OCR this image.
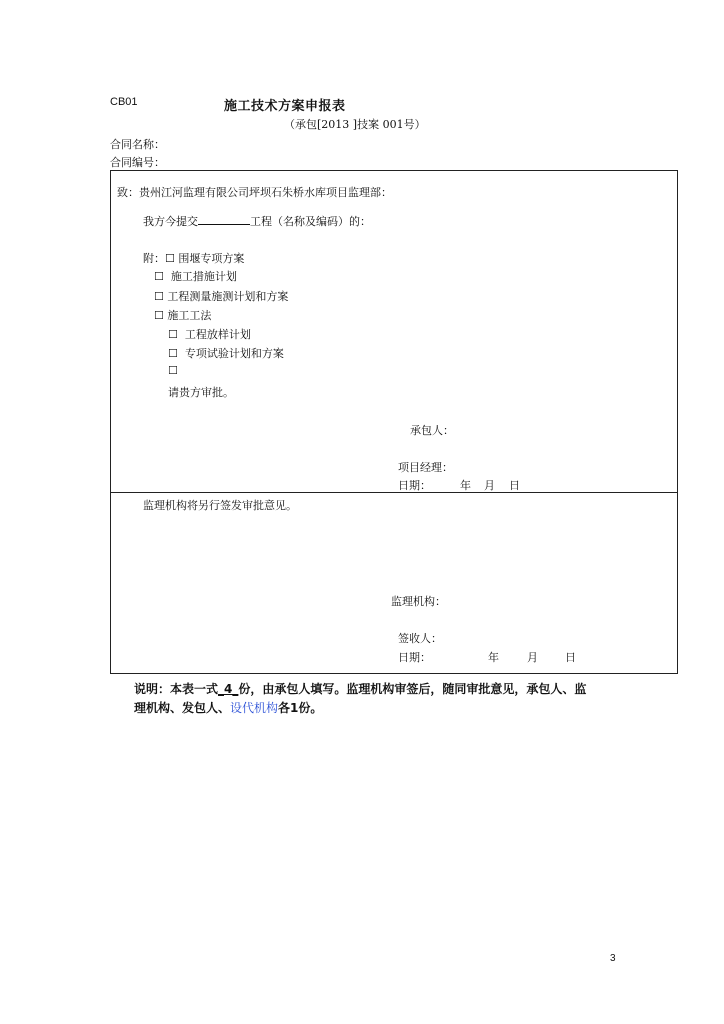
CB01	施工技术方案申报表
（承包[2013 ]技案 001号）
合同名称：
合同编号：
致：贵州江河监理有限公司坪坝石朱桥水库项目监理部：
我方今提交	工程（名称及编码）的：
附：☐ 围堰专项方案
☐ 施工措施计划
☐ 工程测量施测计划和方案
☐ 施工工法
☐ 工程放样计划
☐ 专项试验计划和方案
☐
请贵方审批。
承包人：
项目经理：
日期：	年 月 日
监理机构将另行签发审批意见。
监理机构：
签收人：
日期：	年	月 日
说明：本表一式_4_份，由承包人填写。监理机构审签后，随同审批意见，承包人、监
理机构、发包人、设代机构各1份。
3
